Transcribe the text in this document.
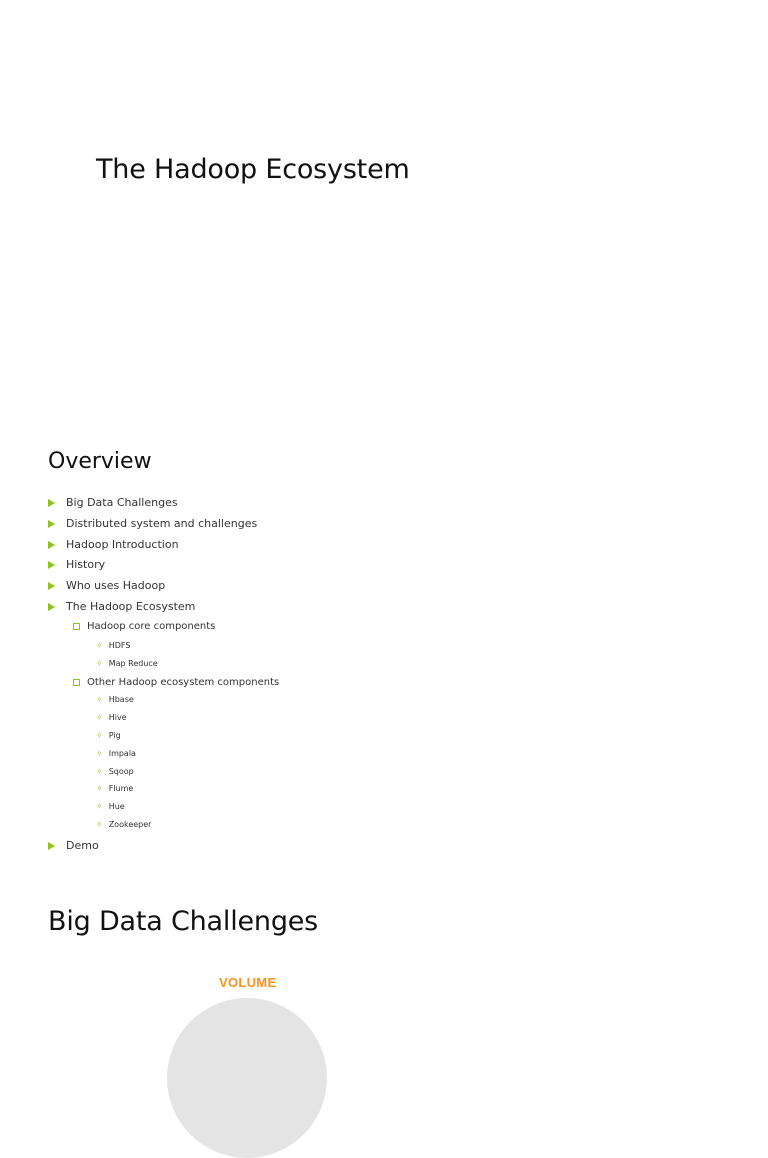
The Hadoop Ecosystem
Overview
Big Data Challenges
Distributed system and challenges
Hadoop Introduction
History
Who uses Hadoop
The Hadoop Ecosystem
Hadoop core components
✧ HDFS
✧ Map Reduce
Other Hadoop ecosystem components
✧ Hbase
✧ Hive
✧ Pig
✧ Impala
✧ Sqoop
✧ Flume
✧ Hue
✧ Zookeeper
Demo
Big Data Challenges
VOLUME
